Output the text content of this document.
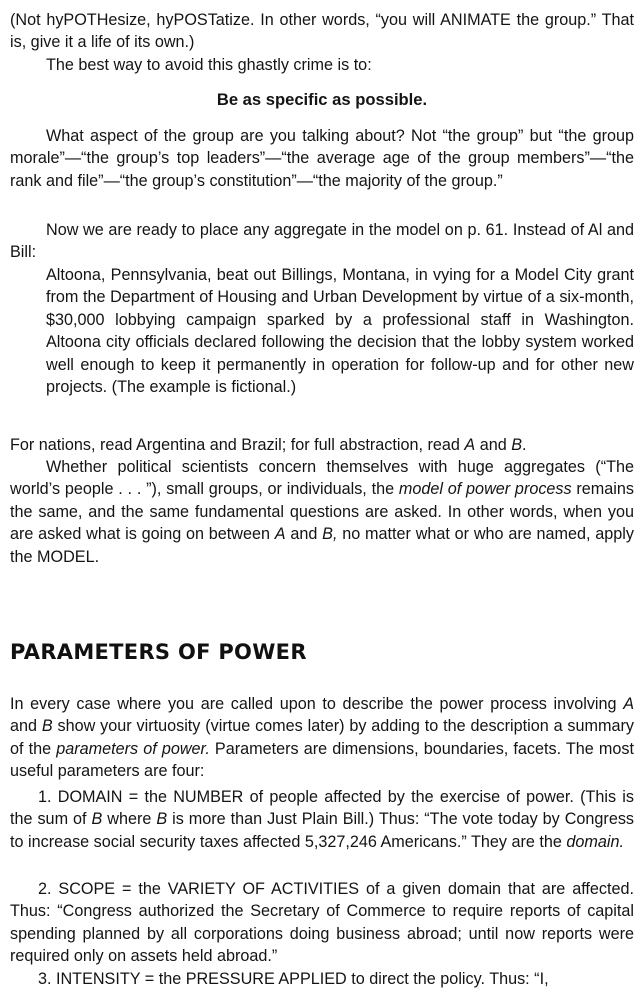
(Not hyPOTHesize, hyPOSTatize. In other words, “you will ANIMATE the group.” That is, give it a life of its own.)

The best way to avoid this ghastly crime is to:

Be as specific as possible.

What aspect of the group are you talking about? Not “the group” but “the group morale”—“the group’s top leaders”—“the average age of the group members”—“the rank and file”—“the group’s constitution”—“the majority of the group.”

Now we are ready to place any aggregate in the model on p. 61. Instead of Al and Bill:

Altoona, Pennsylvania, beat out Billings, Montana, in vying for a Model City grant from the Department of Housing and Urban Development by virtue of a six-month, $30,000 lobbying campaign sparked by a professional staff in Washington. Altoona city officials declared following the decision that the lobby system worked well enough to keep it permanently in operation for follow-up and for other new projects. (The example is fictional.)

For nations, read Argentina and Brazil; for full abstraction, read A and B.

Whether political scientists concern themselves with huge aggregates (“The world’s people . . . ”), small groups, or individuals, the model of power process remains the same, and the same fundamental questions are asked. In other words, when you are asked what is going on between A and B, no matter what or who are named, apply the MODEL.

PARAMETERS OF POWER

In every case where you are called upon to describe the power process involving A and B show your virtuosity (virtue comes later) by adding to the description a summary of the parameters of power. Parameters are dimensions, boundaries, facets. The most useful parameters are four:

1. DOMAIN = the NUMBER of people affected by the exercise of power. (This is the sum of B where B is more than Just Plain Bill.) Thus: “The vote today by Congress to increase social security taxes affected 5,327,246 Americans.” They are the domain.

2. SCOPE = the VARIETY OF ACTIVITIES of a given domain that are affected. Thus: “Congress authorized the Secretary of Commerce to require reports of capital spending planned by all corporations doing business abroad; until now reports were required only on assets held abroad.”

3. INTENSITY = the PRESSURE APPLIED to direct the policy. Thus: “I,
